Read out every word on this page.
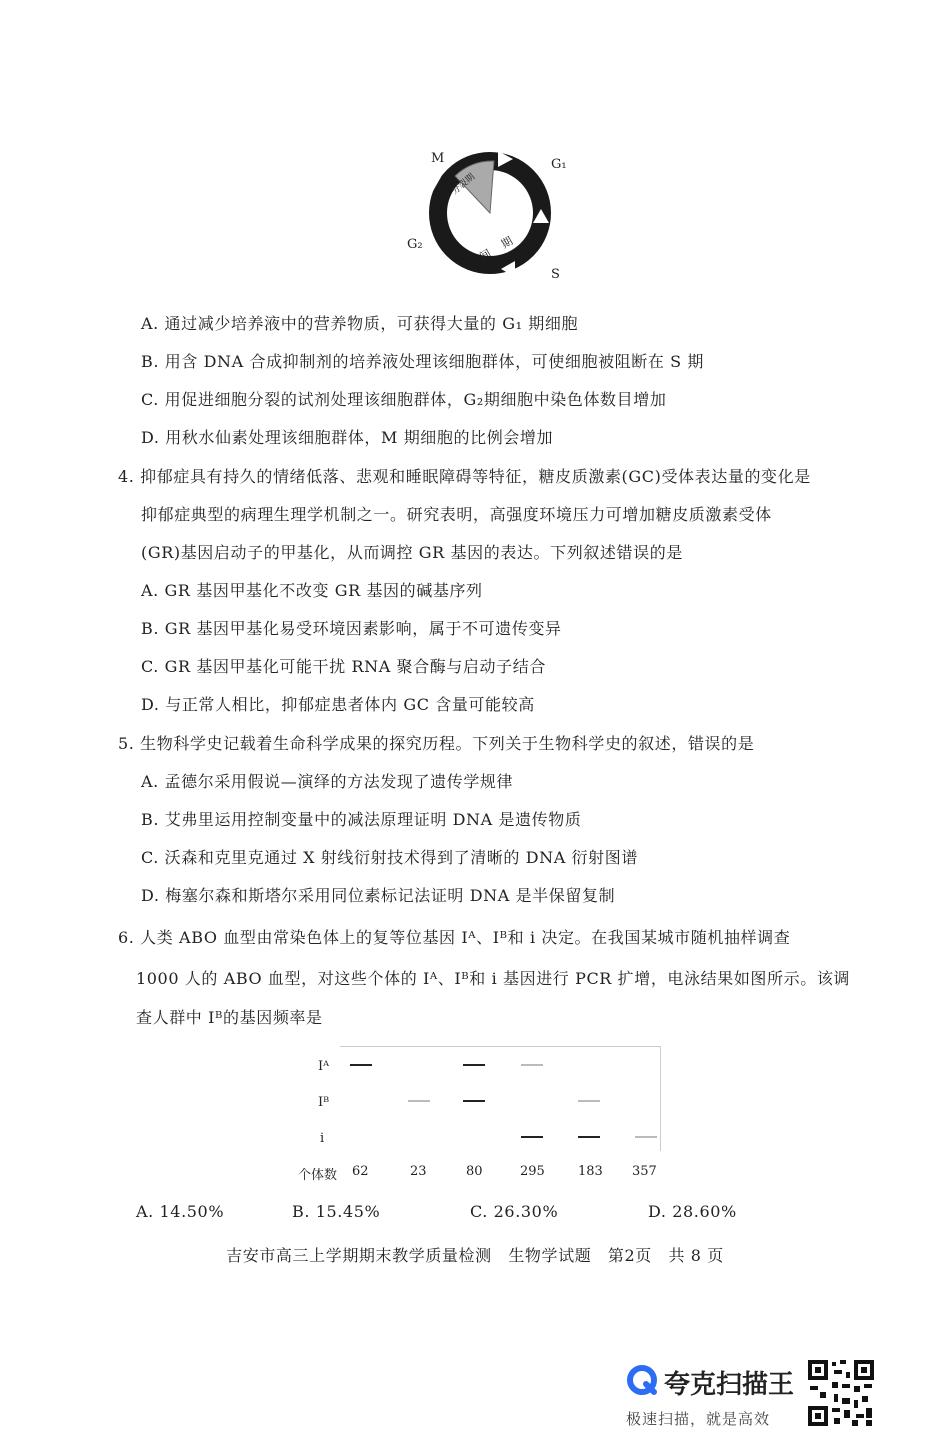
M	G₁
G₂
S
分裂期
间期
A. 通过减少培养液中的营养物质，可获得大量的 G₁ 期细胞
B. 用含 DNA 合成抑制剂的培养液处理该细胞群体，可使细胞被阻断在 S 期
C. 用促进细胞分裂的试剂处理该细胞群体，G₂期细胞中染色体数目增加
D. 用秋水仙素处理该细胞群体，M 期细胞的比例会增加
4. 抑郁症具有持久的情绪低落、悲观和睡眠障碍等特征，糖皮质激素(GC)受体表达量的变化是
抑郁症典型的病理生理学机制之一。研究表明，高强度环境压力可增加糖皮质激素受体
(GR)基因启动子的甲基化，从而调控 GR 基因的表达。下列叙述错误的是
A. GR 基因甲基化不改变 GR 基因的碱基序列
B. GR 基因甲基化易受环境因素影响，属于不可遗传变异
C. GR 基因甲基化可能干扰 RNA 聚合酶与启动子结合
D. 与正常人相比，抑郁症患者体内 GC 含量可能较高
5. 生物科学史记载着生命科学成果的探究历程。下列关于生物科学史的叙述，错误的是
A. 孟德尔采用假说—演绎的方法发现了遗传学规律
B. 艾弗里运用控制变量中的减法原理证明 DNA 是遗传物质
C. 沃森和克里克通过 X 射线衍射技术得到了清晰的 DNA 衍射图谱
D. 梅塞尔森和斯塔尔采用同位素标记法证明 DNA 是半保留复制
6. 人类 ABO 血型由常染色体上的复等位基因 Iᴬ、Iᴮ和 i 决定。在我国某城市随机抽样调查
1000 人的 ABO 血型，对这些个体的 Iᴬ、Iᴮ和 i 基因进行 PCR 扩增，电泳结果如图所示。该调
查人群中 Iᴮ的基因频率是
Iᴬ
Iᴮ
i
个体数 62	23	80	295	183 357
A. 14.50%	B. 15.45%	C. 26.30%	D. 28.60%
吉安市高三上学期期末教学质量检测　生物学试题　第2页　共 8 页
夸克扫描王
极速扫描，就是高效
